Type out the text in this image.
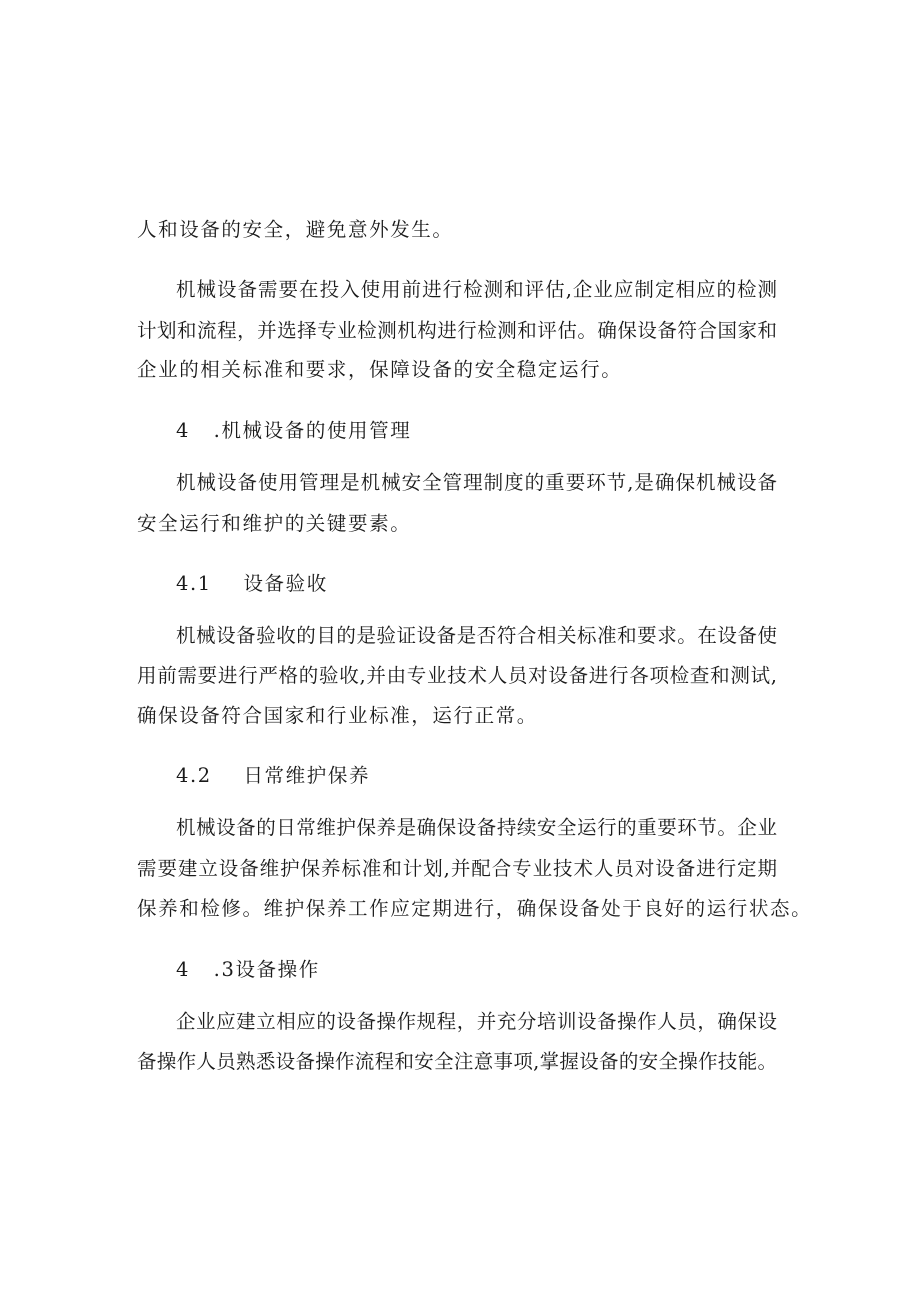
人和设备的安全，避免意外发生。
机械设备需要在投入使用前进行检测和评估,企业应制定相应的检测
计划和流程，并选择专业检测机构进行检测和评估。确保设备符合国家和
企业的相关标准和要求，保障设备的安全稳定运行。
4 .机械设备的使用管理
机械设备使用管理是机械安全管理制度的重要环节,是确保机械设备
安全运行和维护的关键要素。
4.1 设备验收
机械设备验收的目的是验证设备是否符合相关标准和要求。在设备使
用前需要进行严格的验收,并由专业技术人员对设备进行各项检查和测试,
确保设备符合国家和行业标准，运行正常。
4.2 日常维护保养
机械设备的日常维护保养是确保设备持续安全运行的重要环节。企业
需要建立设备维护保养标准和计划,并配合专业技术人员对设备进行定期
保养和检修。维护保养工作应定期进行，确保设备处于良好的运行状态。
4 .3设备操作
企业应建立相应的设备操作规程，并充分培训设备操作人员，确保设
备操作人员熟悉设备操作流程和安全注意事项,掌握设备的安全操作技能。
